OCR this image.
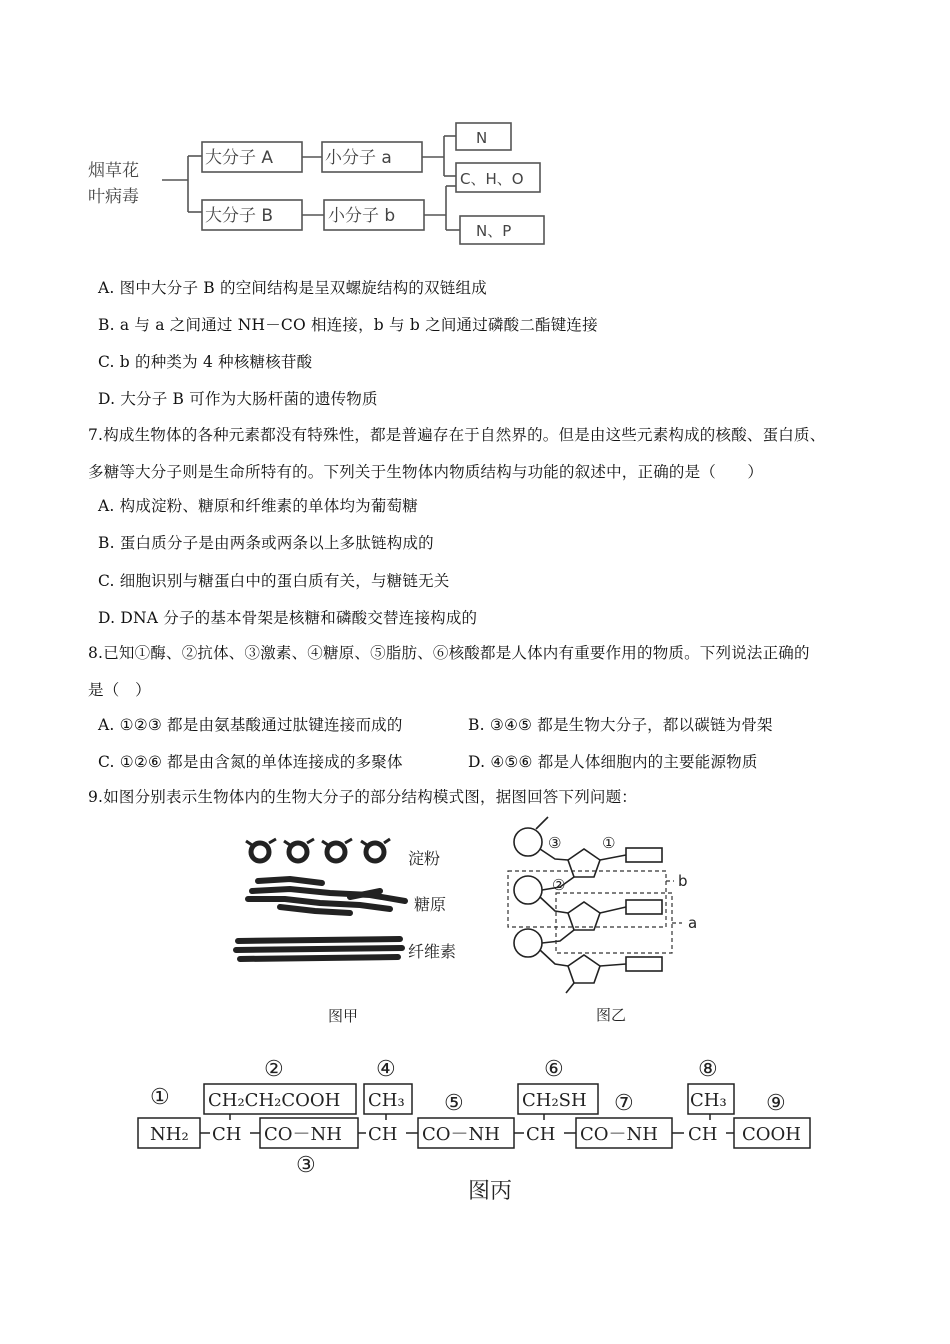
烟草花
叶病毒
大分子 A	小分子 a
大分子 B	小分子 b
N
C、H、O
N、P
A. 图中大分子 B 的空间结构是呈双螺旋结构的双链组成
B. a 与 a 之间通过 NH－CO 相连接，b 与 b 之间通过磷酸二酯键连接
C. b 的种类为 4 种核糖核苷酸
D. 大分子 B 可作为大肠杆菌的遗传物质
7.构成生物体的各种元素都没有特殊性，都是普遍存在于自然界的。但是由这些元素构成的核酸、蛋白质、
多糖等大分子则是生命所特有的。下列关于生物体内物质结构与功能的叙述中，正确的是（　　）
A. 构成淀粉、糖原和纤维素的单体均为葡萄糖
B. 蛋白质分子是由两条或两条以上多肽链构成的
C. 细胞识别与糖蛋白中的蛋白质有关，与糖链无关
D. DNA 分子的基本骨架是核糖和磷酸交替连接构成的
8.已知①酶、②抗体、③激素、④糖原、⑤脂肪、⑥核酸都是人体内有重要作用的物质。下列说法正确的
是（　）
A. ①②③ 都是由氨基酸通过肽键连接而成的	B. ③④⑤ 都是生物大分子，都以碳链为骨架
C. ①②⑥ 都是由含氮的单体连接成的多聚体	D. ④⑤⑥ 都是人体细胞内的主要能源物质
9.如图分别表示生物体内的生物大分子的部分结构模式图，据图回答下列问题：
淀粉
糖原
纤维素
图甲
③	①
②	b
a
图乙
NH₂ CH CO－NH CH CO－NH CH CO－NH CH COOH
CH₂CH₂COOH CH₃	CH₂SH	CH₃
①
②
③
④
⑤
⑥
⑦
⑧
⑨
图丙
